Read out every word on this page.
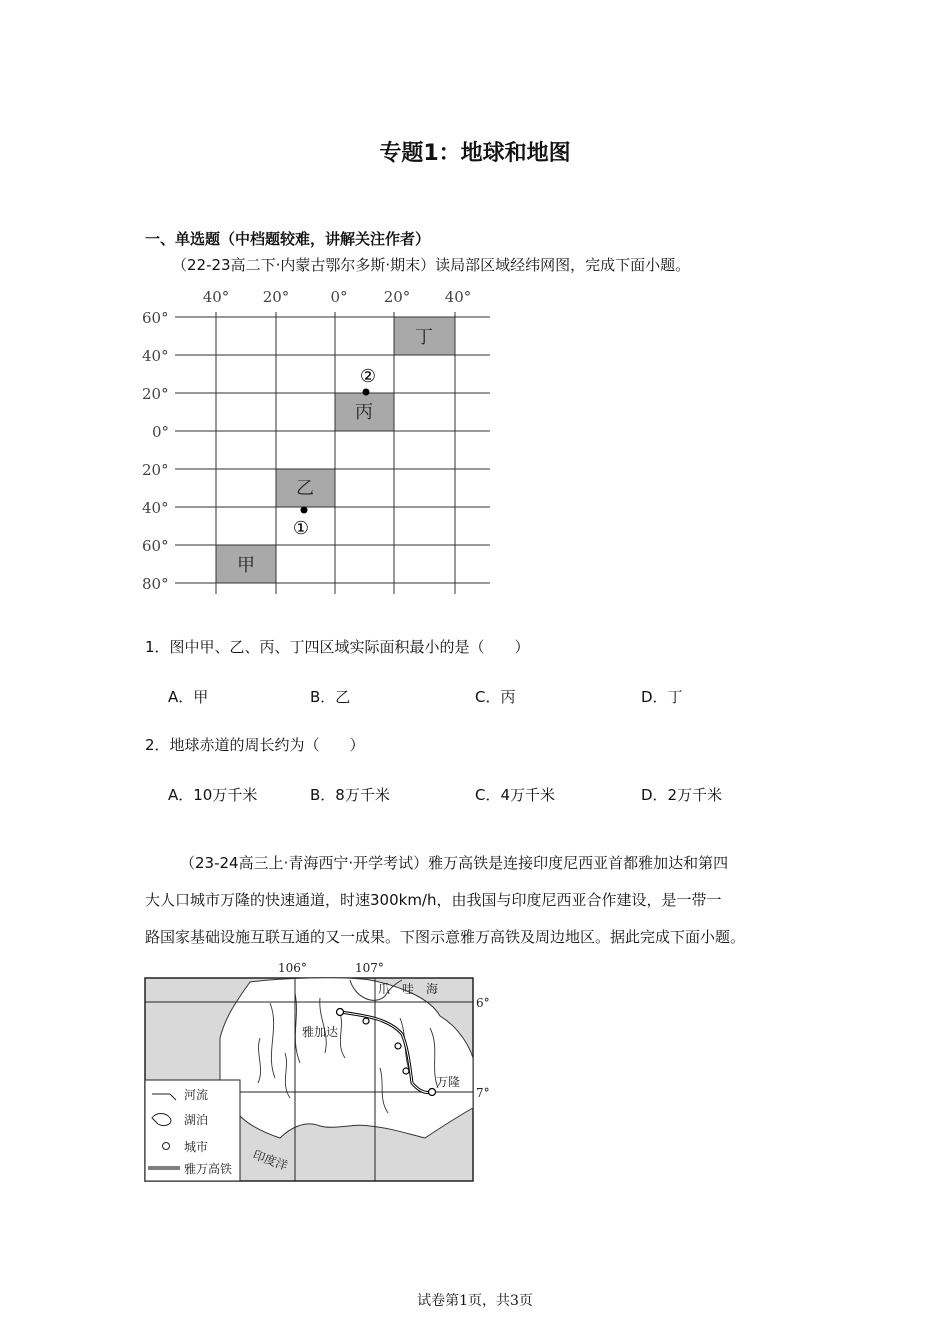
专题1：地球和地图
一、单选题（中档题较难，讲解关注作者）
（22-23高二下·内蒙古鄂尔多斯·期末）读局部区域经纬网图，完成下面小题。
40° 20°	0° 20° 40°
60°
40°
20°
0°
20°
40°
60°
80°
甲
乙
丙
丁
①
②
1．图中甲、乙、丙、丁四区域实际面积最小的是（　　）
A．甲	B．乙	C．丙	D．丁
2．地球赤道的周长约为（　　）
A．10万千米	B．8万千米	C．4万千米	D．2万千米
（23-24高三上·青海西宁·开学考试）雅万高铁是连接印度尼西亚首都雅加达和第四
大人口城市万隆的快速通道，时速300km/h，由我国与印度尼西亚合作建设，是一带一
路国家基础设施互联互通的又一成果。下图示意雅万高铁及周边地区。据此完成下面小题。
106°	107°
6°
7°
爪　哇　海
雅加达
万隆
印度洋
河流
湖泊
城市
雅万高铁
试卷第1页，共3页
